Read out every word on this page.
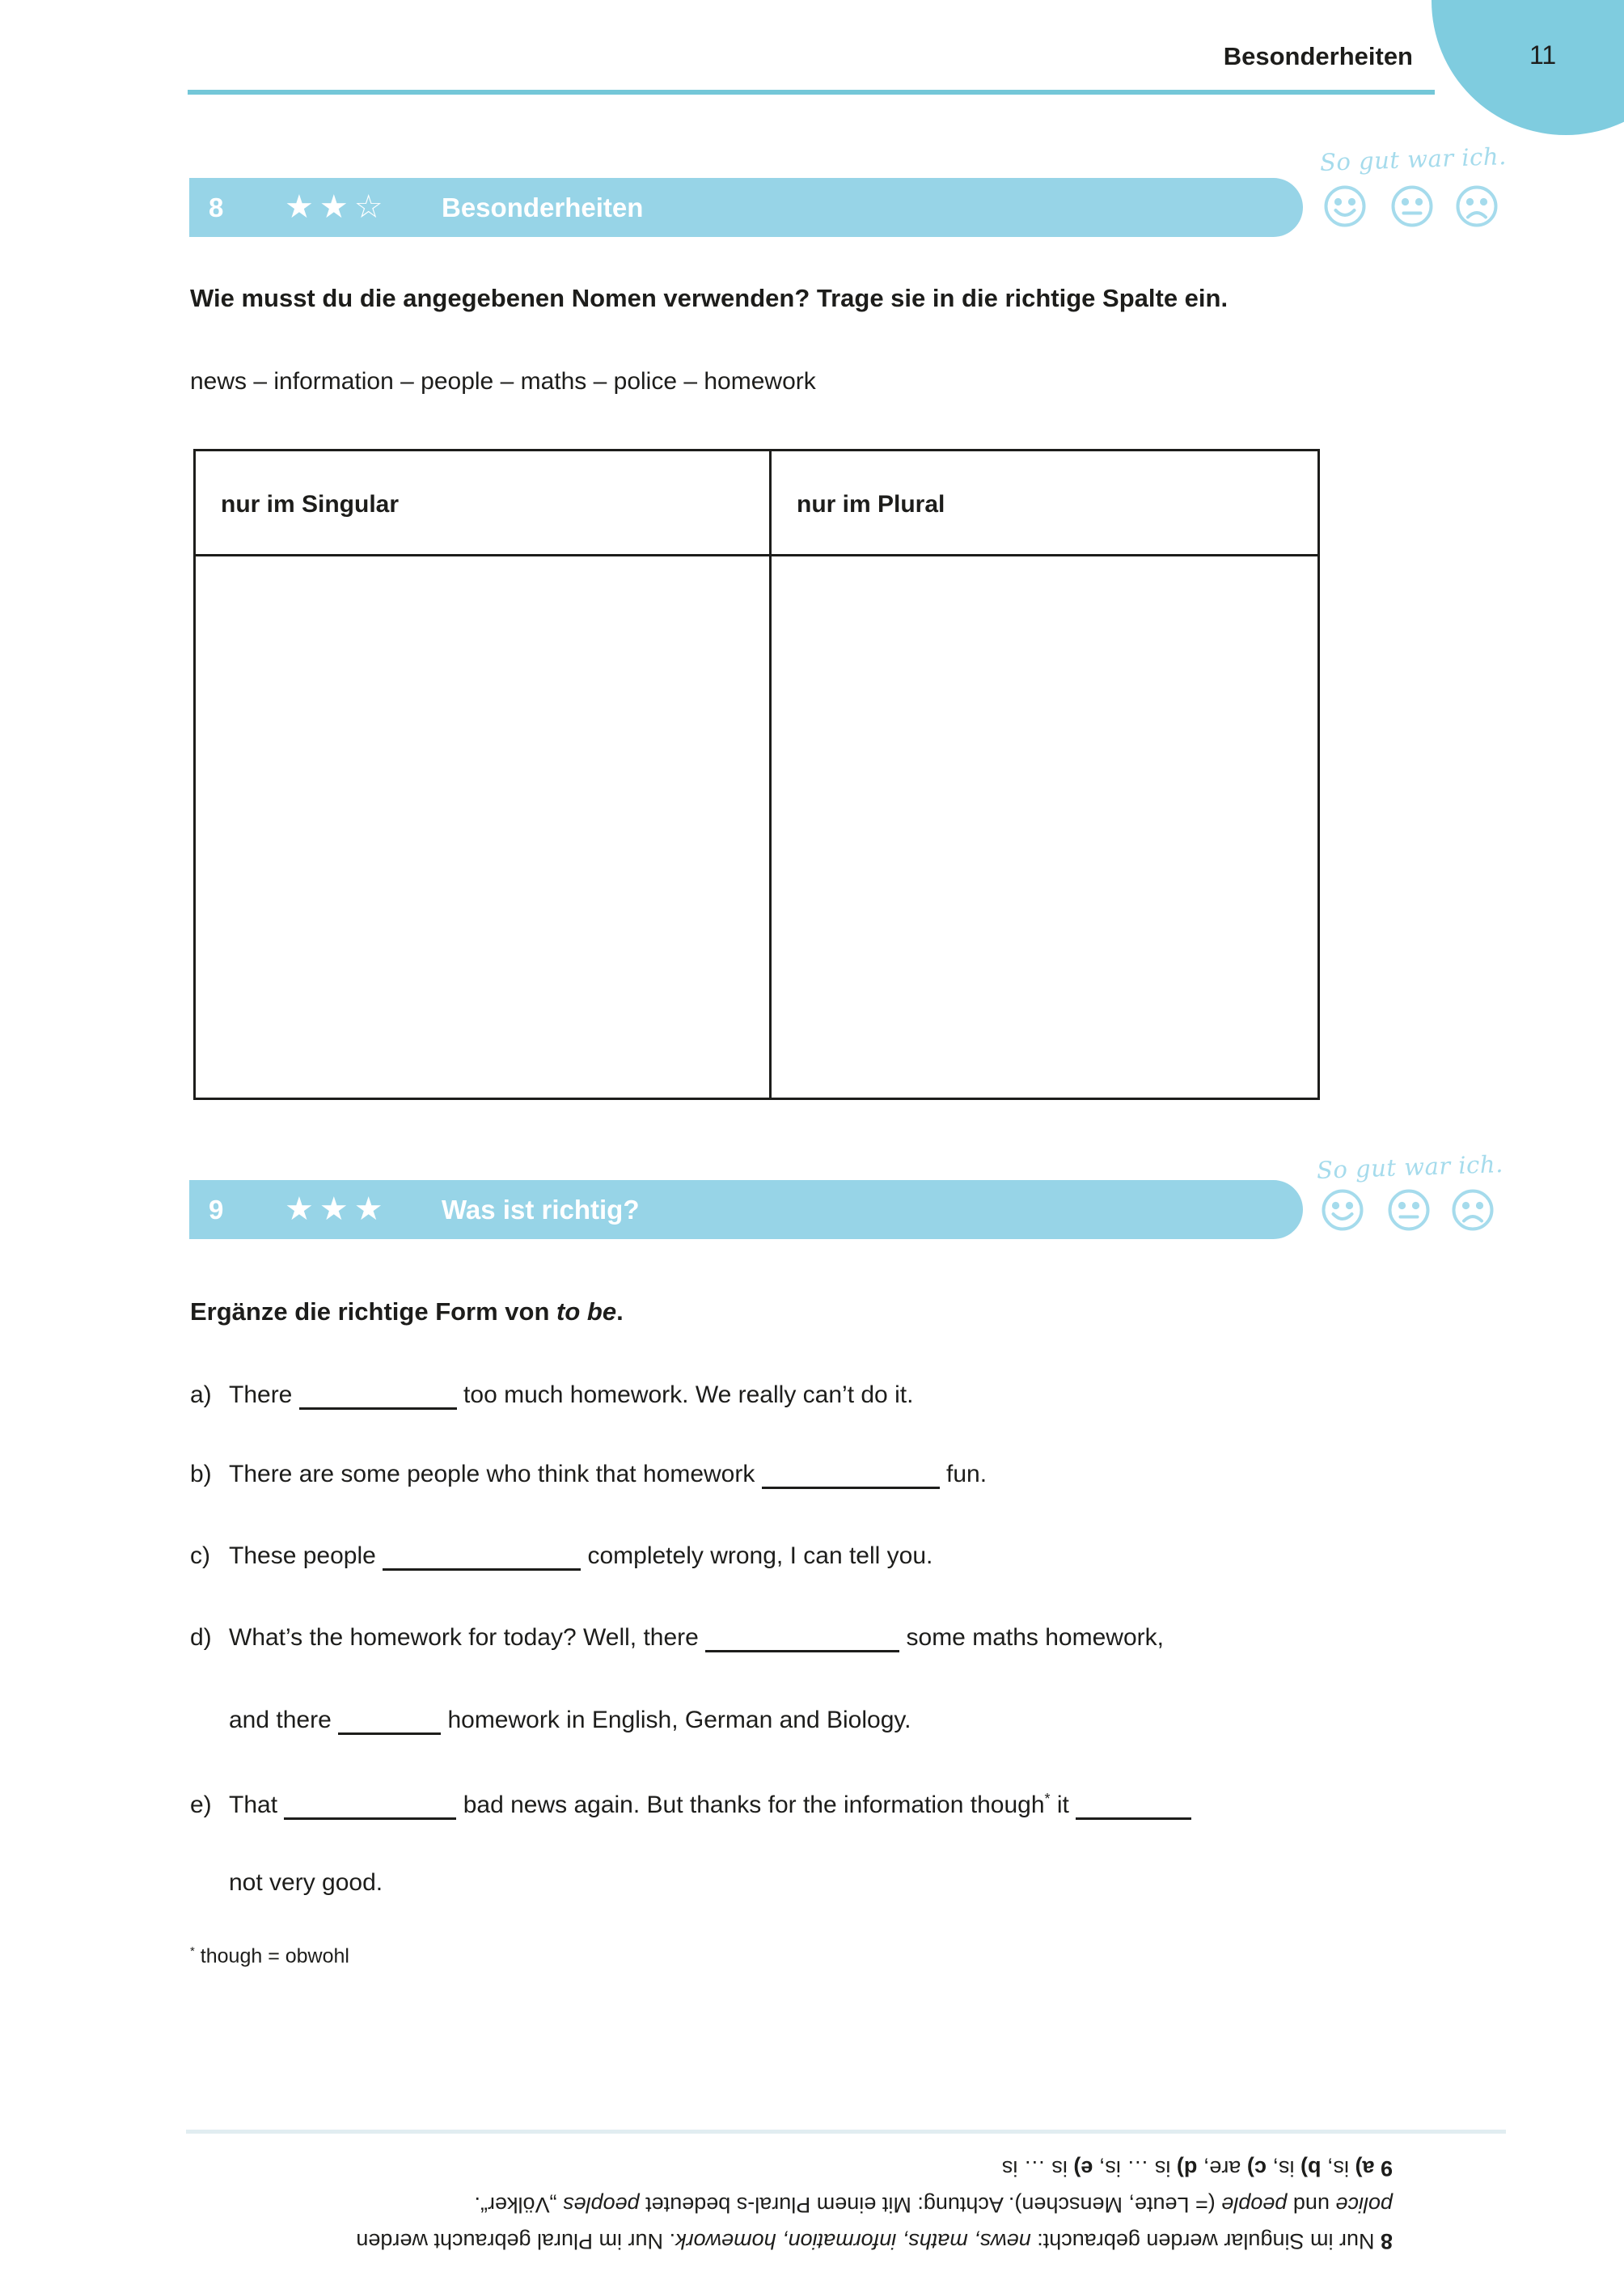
Besonderheiten	11
So gut war ich.
8 ★★☆ Besonderheiten
Wie musst du die angegebenen Nomen verwenden? Trage sie in die richtige Spalte ein.
news – information – people – maths – police – homework
nur im Singular	nur im Plural
So gut war ich.
9 ★★★ Was ist richtig?
Ergänze die richtige Form von to be.
a) There	too much homework. We really can’t do it.
b) There are some people who think that homework	fun.
c) These people	completely wrong, I can tell you.
d) What’s the homework for today? Well, there	some maths homework,
and there	homework in English, German and Biology.
e) That	bad news again. But thanks for the information though* it
not very good.
* though = obwohl
8 Nur im Singular werden gebraucht: news, maths, information, homework. Nur im Plural gebraucht werden
police und people (= Leute, Menschen). Achtung: Mit einem Plural-s bedeutet peoples „Völker“.
9 a) is, b) is, c) are, d) is … is, e) is … is
